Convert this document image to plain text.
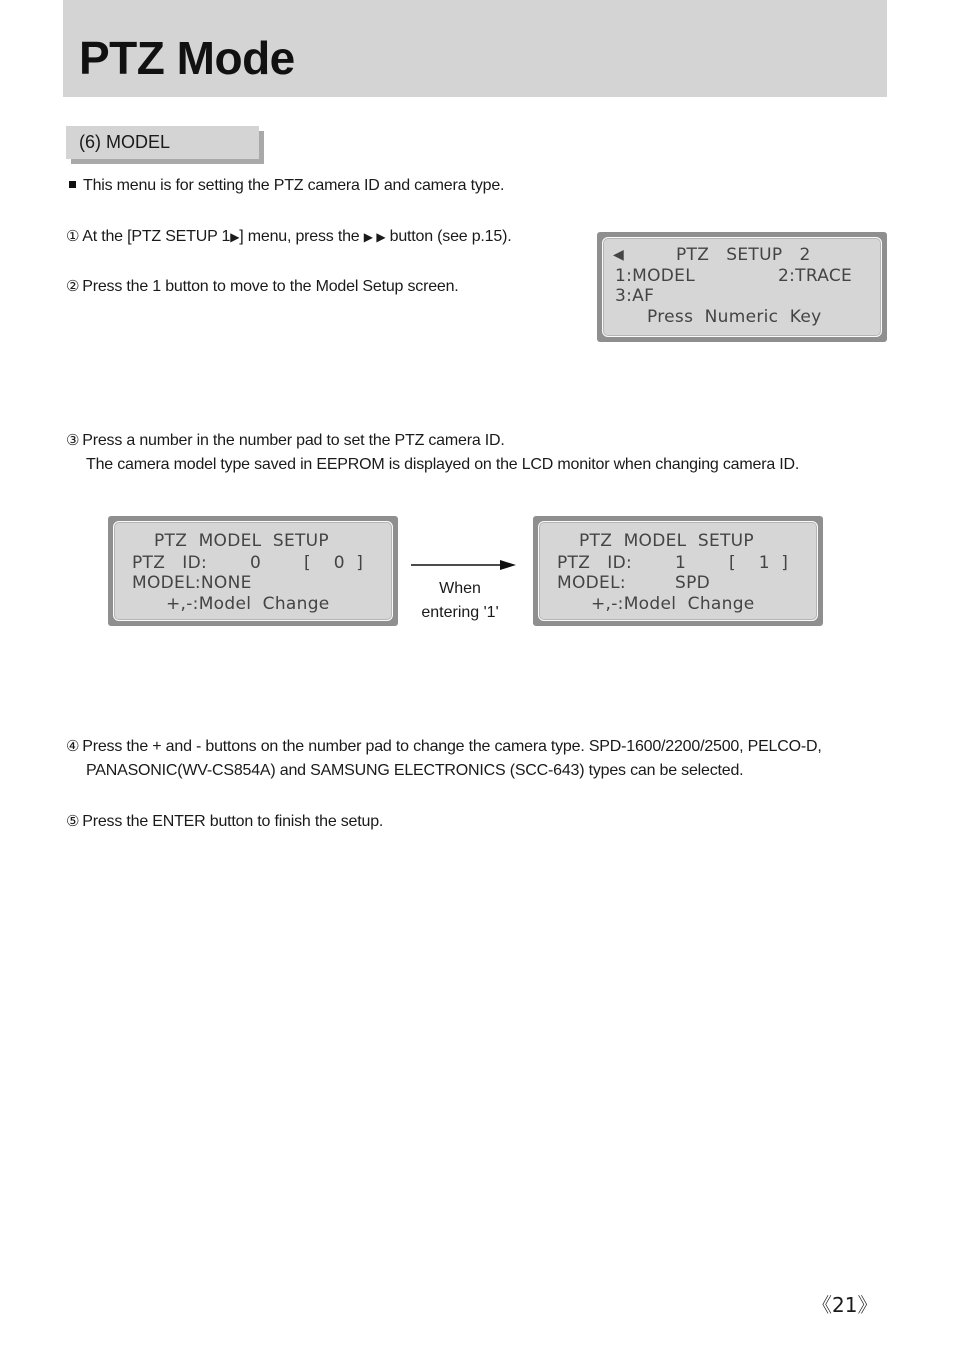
PTZ Mode
(6) MODEL
This menu is for setting the PTZ camera ID and camera type.
① At the [PTZ SETUP 1▶] menu, press the ▶ ▶ button (see p.15).
② Press the 1 button to move to the Model Setup screen.
◀	PTZ   SETUP   2
1:MODEL	2:TRACE
3:AF
Press  Numeric  Key
③ Press a number in the number pad to set the PTZ camera ID.
The camera model type saved in EEPROM is displayed on the LCD monitor when changing camera ID.
PTZ  MODEL  SETUP
PTZ   ID:	0	[    0  ]
MODEL:NONE
+,-:Model  Change
When
entering '1'
PTZ  MODEL  SETUP
PTZ   ID:	1	[    1  ]
MODEL:	SPD
+,-:Model  Change
④ Press the + and - buttons on the number pad to change the camera type. SPD-1600/2200/2500, PELCO-D,
PANASONIC(WV-CS854A) and SAMSUNG ELECTRONICS (SCC-643) types can be selected.
⑤ Press the ENTER button to finish the setup.
《21》
